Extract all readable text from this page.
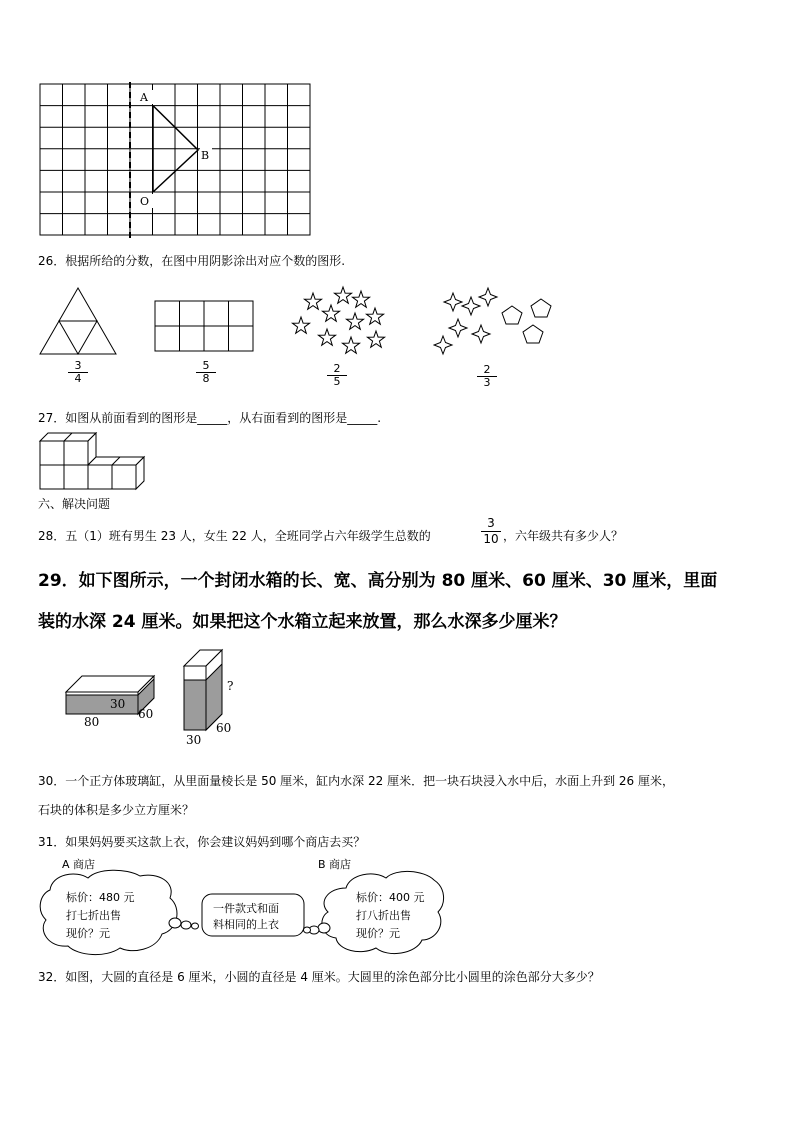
A
B
O
26．根据所给的分数，在图中用阴影涂出对应个数的图形.
$\frac{3}{4}$	$\frac{5}{8}$	$\frac{2}{5}$	$\frac{2}{3}$
27．如图从前面看到的图形是_____，从右面看到的图形是_____.
六、解决问题
28．五（1）班有男生 23 人，女生 22 人，全班同学占六年级学生总数的	$\frac{3}{10}$ ，六年级共有多少人？
29．如下图所示，一个封闭水箱的长、宽、高分别为 80 厘米、60 厘米、30 厘米，里面
装的水深 24 厘米。如果把这个水箱立起来放置，那么水深多少厘米？
30
80
60
?
30
60
30．一个正方体玻璃缸，从里面量棱长是 50 厘米，缸内水深 22 厘米．把一块石块浸入水中后，水面上升到 26 厘米，
石块的体积是多少立方厘米？
31．如果妈妈要买这款上衣，你会建议妈妈到哪个商店去买？
A 商店	B 商店
标价：480 元
打七折出售
现价？元
一件款式和面
料相同的上衣
标价：400 元
打八折出售
现价？元
32．如图，大圆的直径是 6 厘米，小圆的直径是 4 厘米。大圆里的涂色部分比小圆里的涂色部分大多少？
